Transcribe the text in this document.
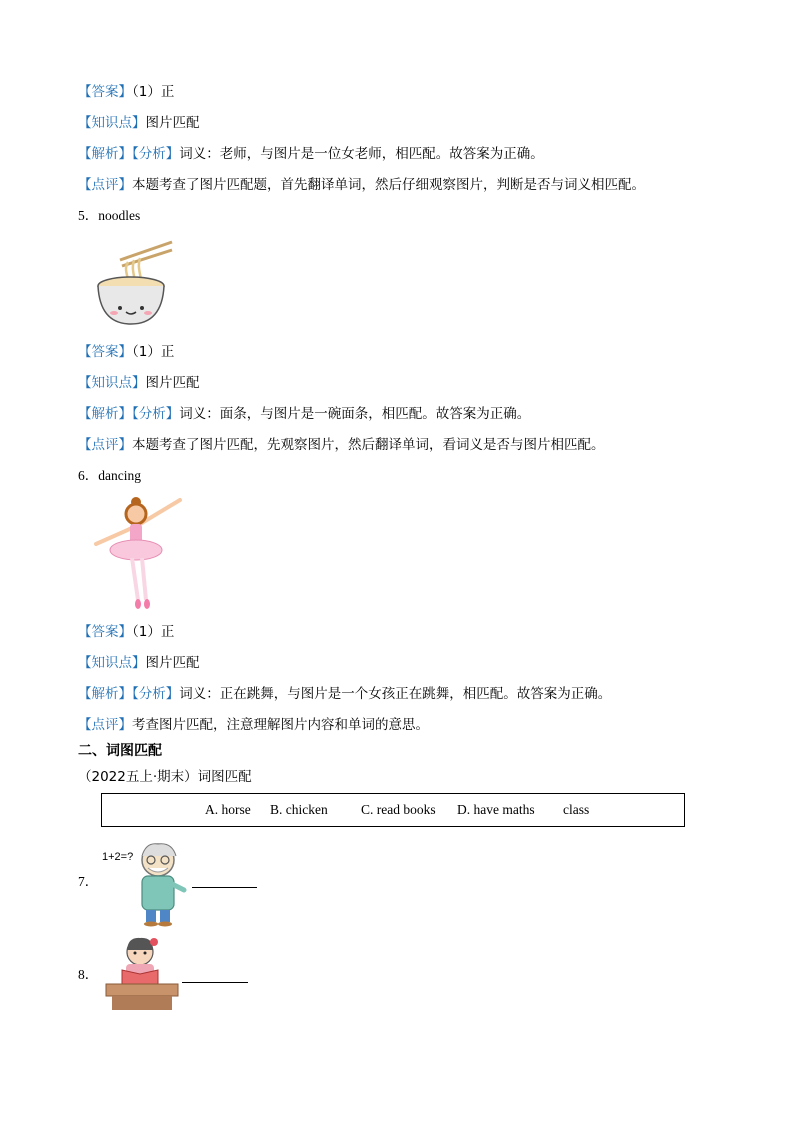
【答案】（1）正
【知识点】图片匹配
【解析】【分析】词义：老师，与图片是一位女老师，相匹配。故答案为正确。
【点评】本题考查了图片匹配题，首先翻译单词，然后仔细观察图片，判断是否与词义相匹配。
5．noodles
【答案】（1）正
【知识点】图片匹配
【解析】【分析】词义：面条，与图片是一碗面条，相匹配。故答案为正确。
【点评】本题考查了图片匹配，先观察图片，然后翻译单词，看词义是否与图片相匹配。
6．dancing
【答案】（1）正
【知识点】图片匹配
【解析】【分析】词义：正在跳舞，与图片是一个女孩正在跳舞，相匹配。故答案为正确。
【点评】考查图片匹配，注意理解图片内容和单词的意思。
二、词图匹配
（2022五上·期末）词图匹配
A. horse B. chicken C. read books D. have maths class
7．
1+2=?
8．
